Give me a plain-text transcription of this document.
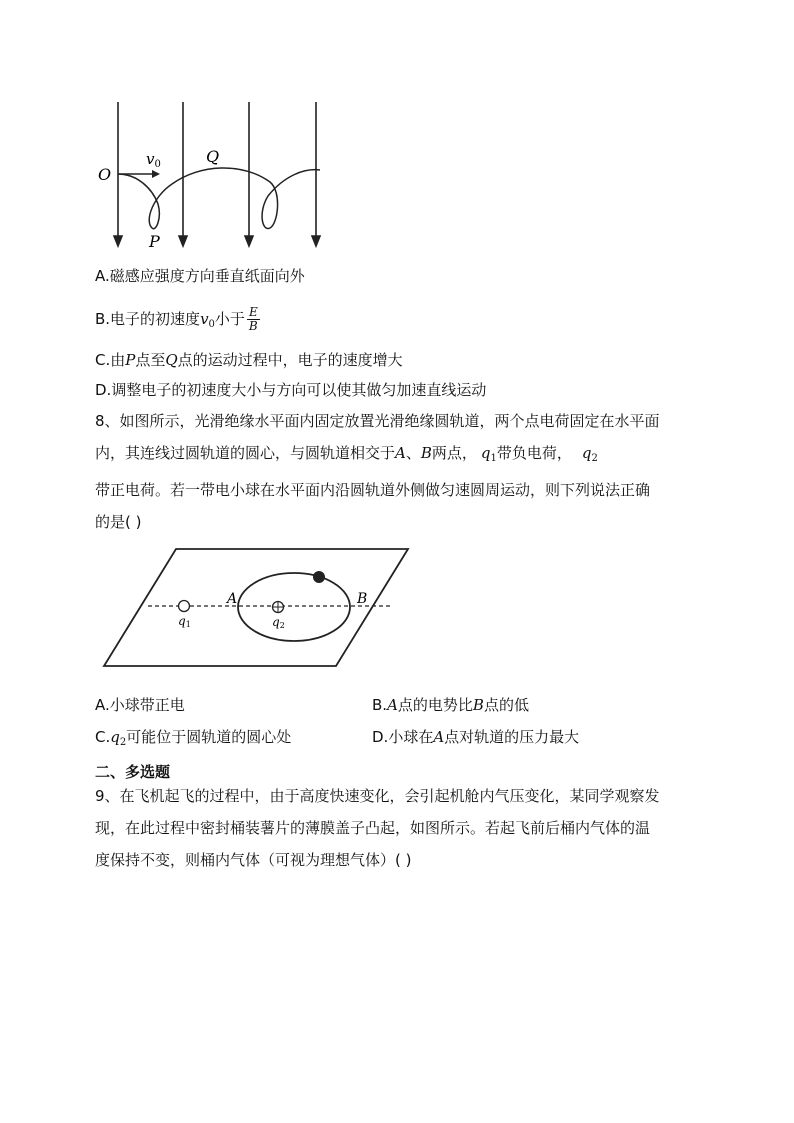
O
$v_0$	Q
P
A.磁感应强度方向垂直纸面向外
B.电子的初速度$v_0$小于 $\frac{E}{B}$
C.由P点至Q点的运动过程中，电子的速度增大
D.调整电子的初速度大小与方向可以使其做匀加速直线运动
8、如图所示，光滑绝缘水平面内固定放置光滑绝缘圆轨道，两个点电荷固定在水平面
内，其连线过圆轨道的圆心，与圆轨道相交于A、B两点， $q_1$带负电荷， $q_2$
带正电荷。若一带电小球在水平面内沿圆轨道外侧做匀速圆周运动，则下列说法正确
的是( )
A	B
q1	q2
A.小球带正电	B.A点的电势比B点的低
$C.q_2$可能位于圆轨道的圆心处	D.小球在A点对轨道的压力最大
二、多选题
9、在飞机起飞的过程中，由于高度快速变化，会引起机舱内气压变化，某同学观察发
现，在此过程中密封桶装薯片的薄膜盖子凸起，如图所示。若起飞前后桶内气体的温
度保持不变，则桶内气体（可视为理想气体）( )
